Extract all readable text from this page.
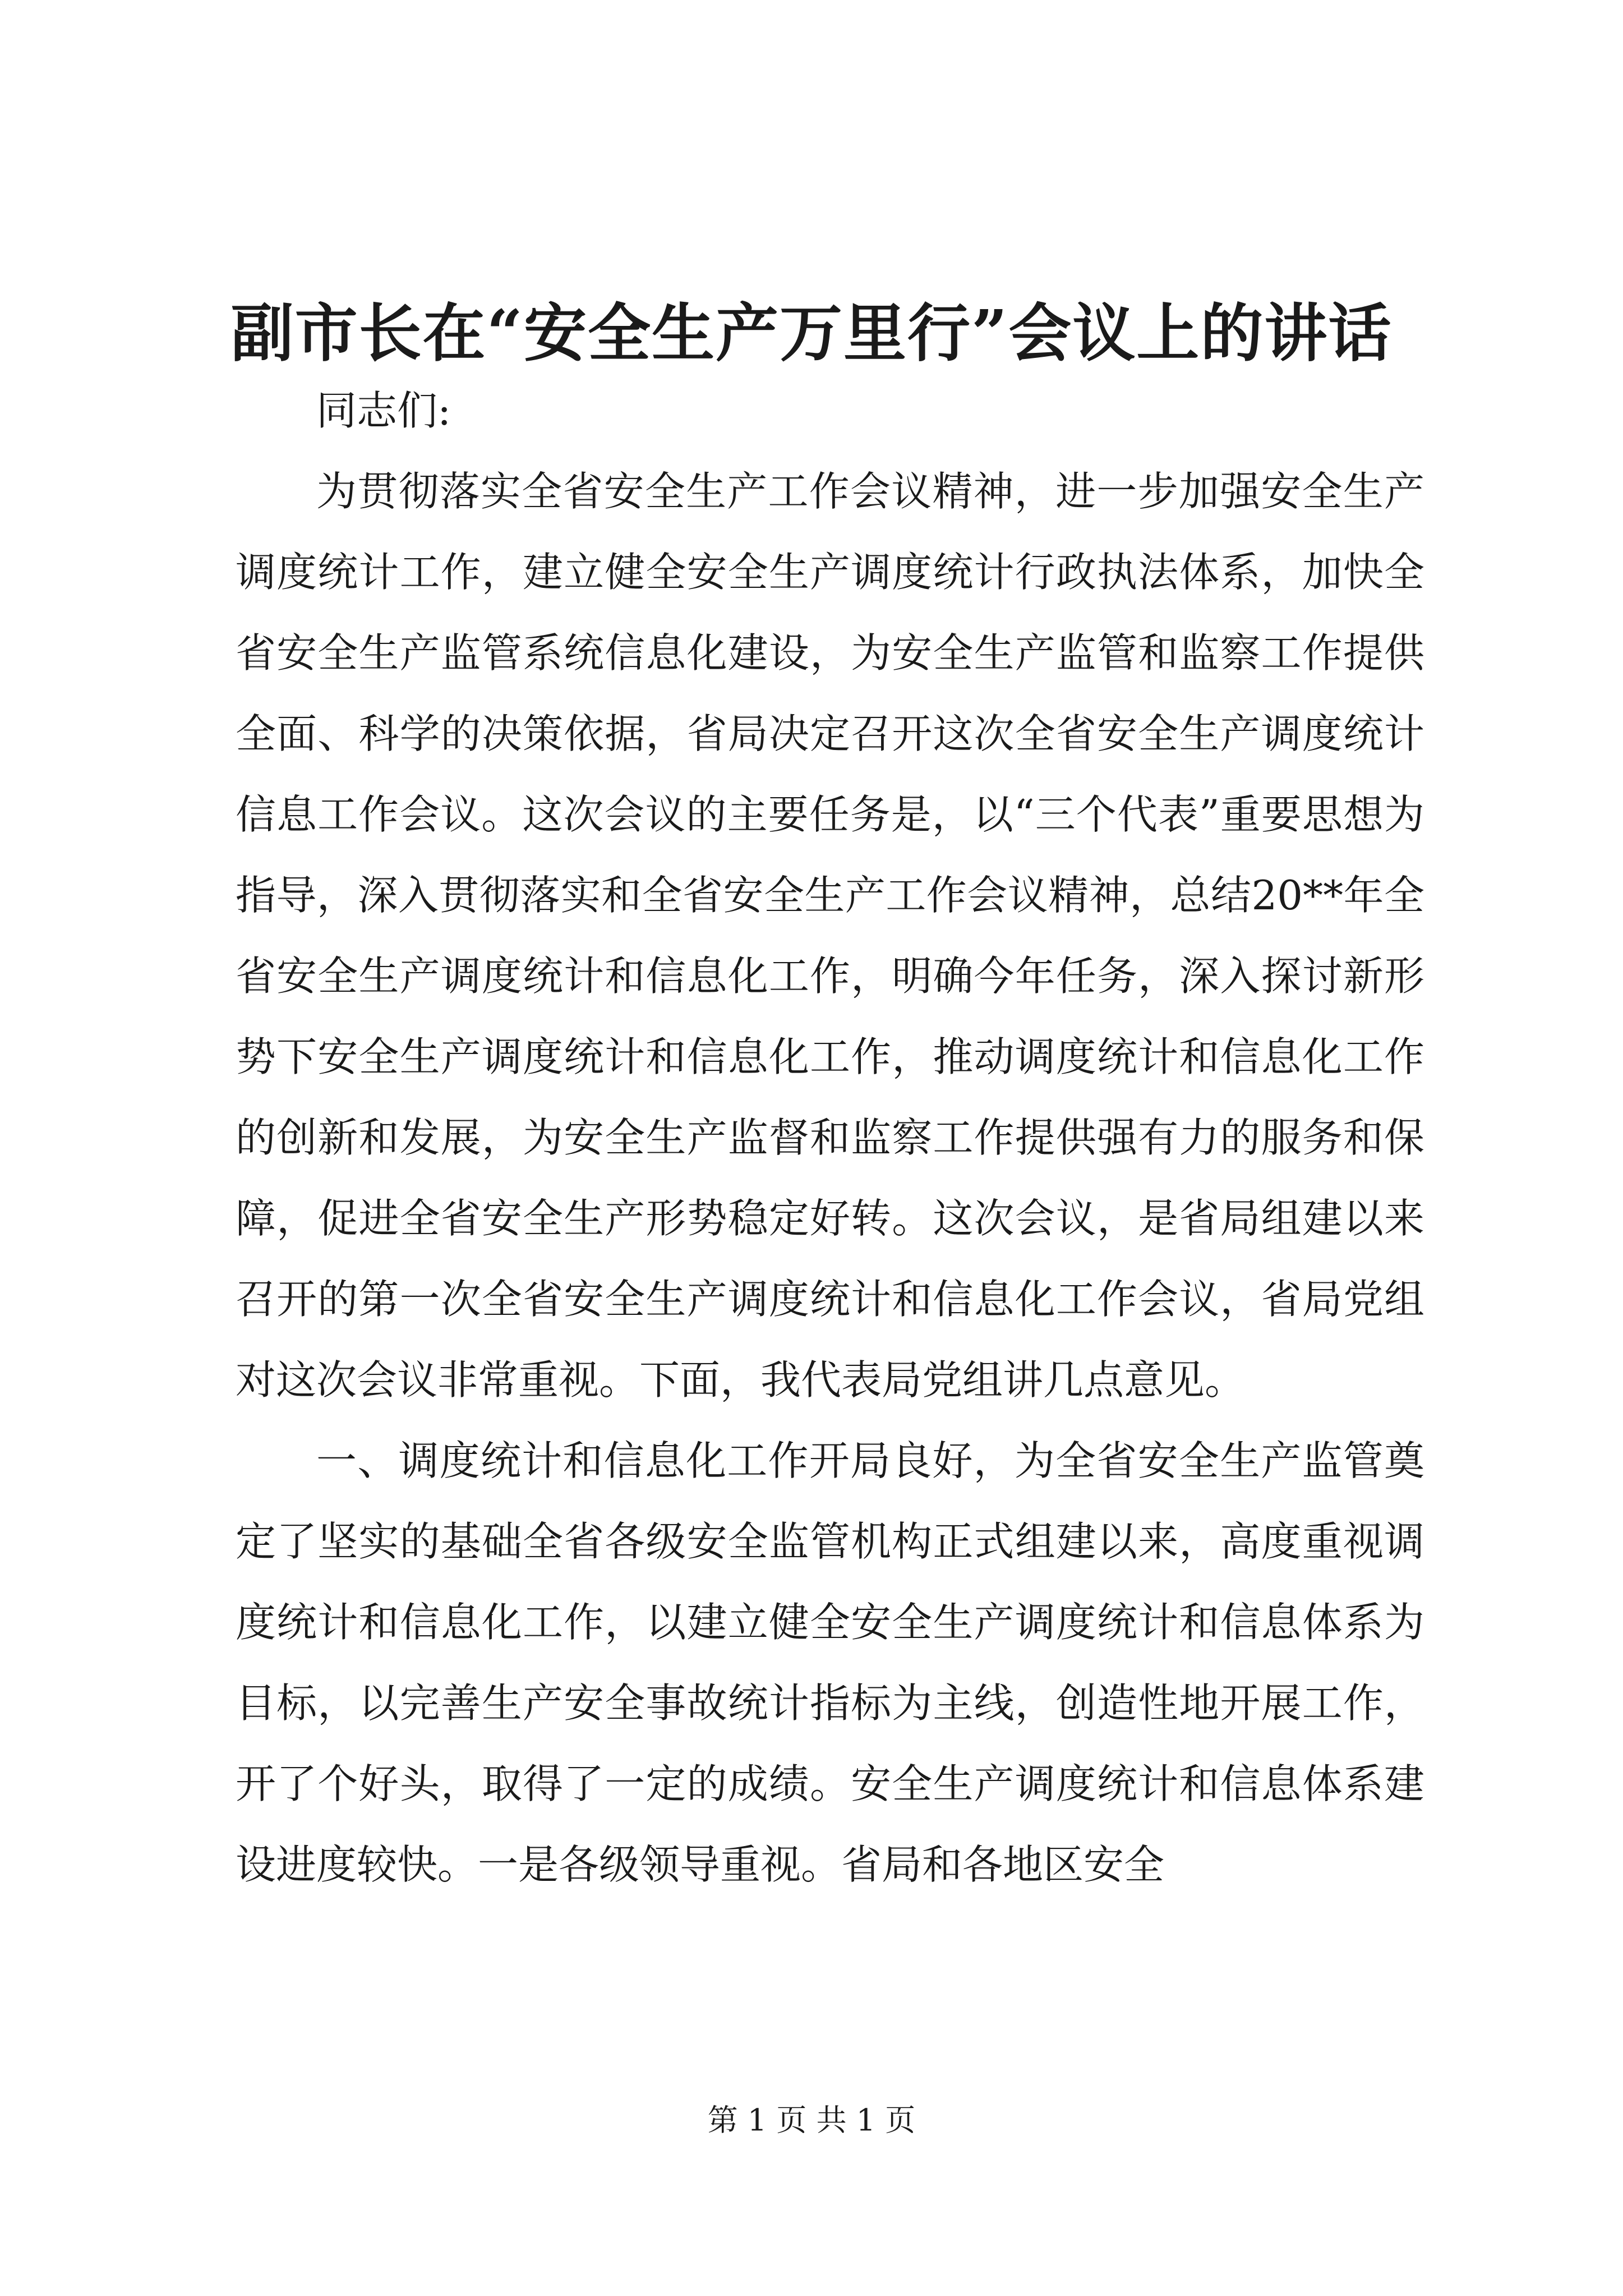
副市长在“安全生产万里行”会议上的讲话

同志们:

为贯彻落实全省安全生产工作会议精神，进一步加强安全生产调度统计工作，建立健全安全生产调度统计行政执法体系，加快全省安全生产监管系统信息化建设，为安全生产监管和监察工作提供全面、科学的决策依据，省局决定召开这次全省安全生产调度统计信息工作会议。这次会议的主要任务是，以“三个代表”重要思想为指导，深入贯彻落实和全省安全生产工作会议精神，总结20**年全省安全生产调度统计和信息化工作，明确今年任务，深入探讨新形势下安全生产调度统计和信息化工作，推动调度统计和信息化工作的创新和发展，为安全生产监督和监察工作提供强有力的服务和保障，促进全省安全生产形势稳定好转。这次会议，是省局组建以来召开的第一次全省安全生产调度统计和信息化工作会议，省局党组对这次会议非常重视。下面，我代表局党组讲几点意见。

一、调度统计和信息化工作开局良好，为全省安全生产监管奠定了坚实的基础全省各级安全监管机构正式组建以来，高度重视调度统计和信息化工作，以建立健全安全生产调度统计和信息体系为目标，以完善生产安全事故统计指标为主线，创造性地开展工作，开了个好头，取得了一定的成绩。安全生产调度统计和信息体系建设进度较快。一是各级领导重视。省局和各地区安全

第 1 页 共 1 页
